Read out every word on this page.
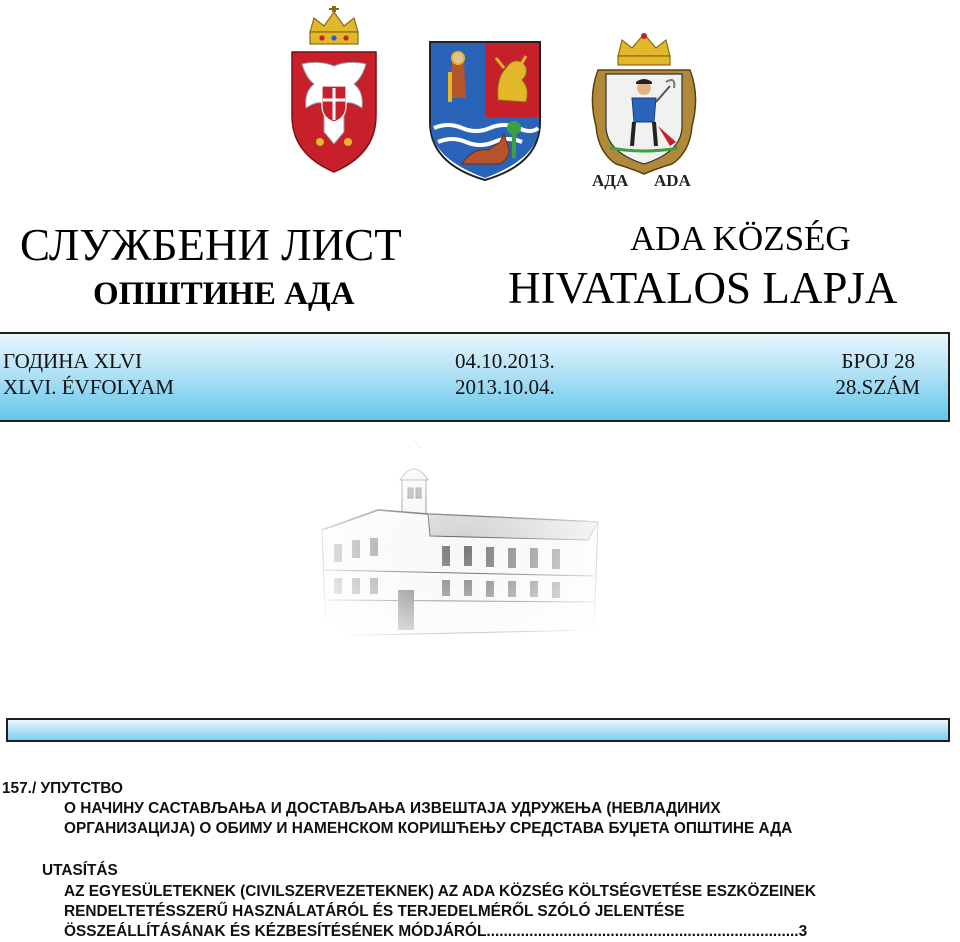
АДА ADA
СЛУЖБЕНИ ЛИСТ
ОПШТИНЕ АДА
ADA KÖZSÉG
HIVATALOS LAPJA
ГОДИНА XLVI
XLVI. ÉVFOLYAM
04.10.2013.
2013.10.04.
БРОЈ 28
28.SZÁM
157./ УПУТСТВО
О НАЧИНУ САСТАВЉАЊА И ДОСТАВЉАЊА ИЗВЕШТАЈА УДРУЖЕЊА (НЕВЛАДИНИХ
ОРГАНИЗАЦИЈА) О ОБИМУ И НАМЕНСКОМ КОРИШЋЕЊУ СРЕДСТАВА БУЏЕТА ОПШТИНЕ АДА
UTASÍTÁS
AZ EGYESÜLETEKNEK (CIVILSZERVEZETEKNEK) AZ ADA KÖZSÉG KÖLTSÉGVETÉSE ESZKÖZEINEK
RENDELTETÉSSZERŰ HASZNÁLATÁRÓL ÉS TERJEDELMÉRŐL SZÓLÓ JELENTÉSE
ÖSSZEÁLLÍTÁSÁNAK ÉS KÉZBESÍTÉSÉNEK MÓDJÁRÓL.........................................................................3
